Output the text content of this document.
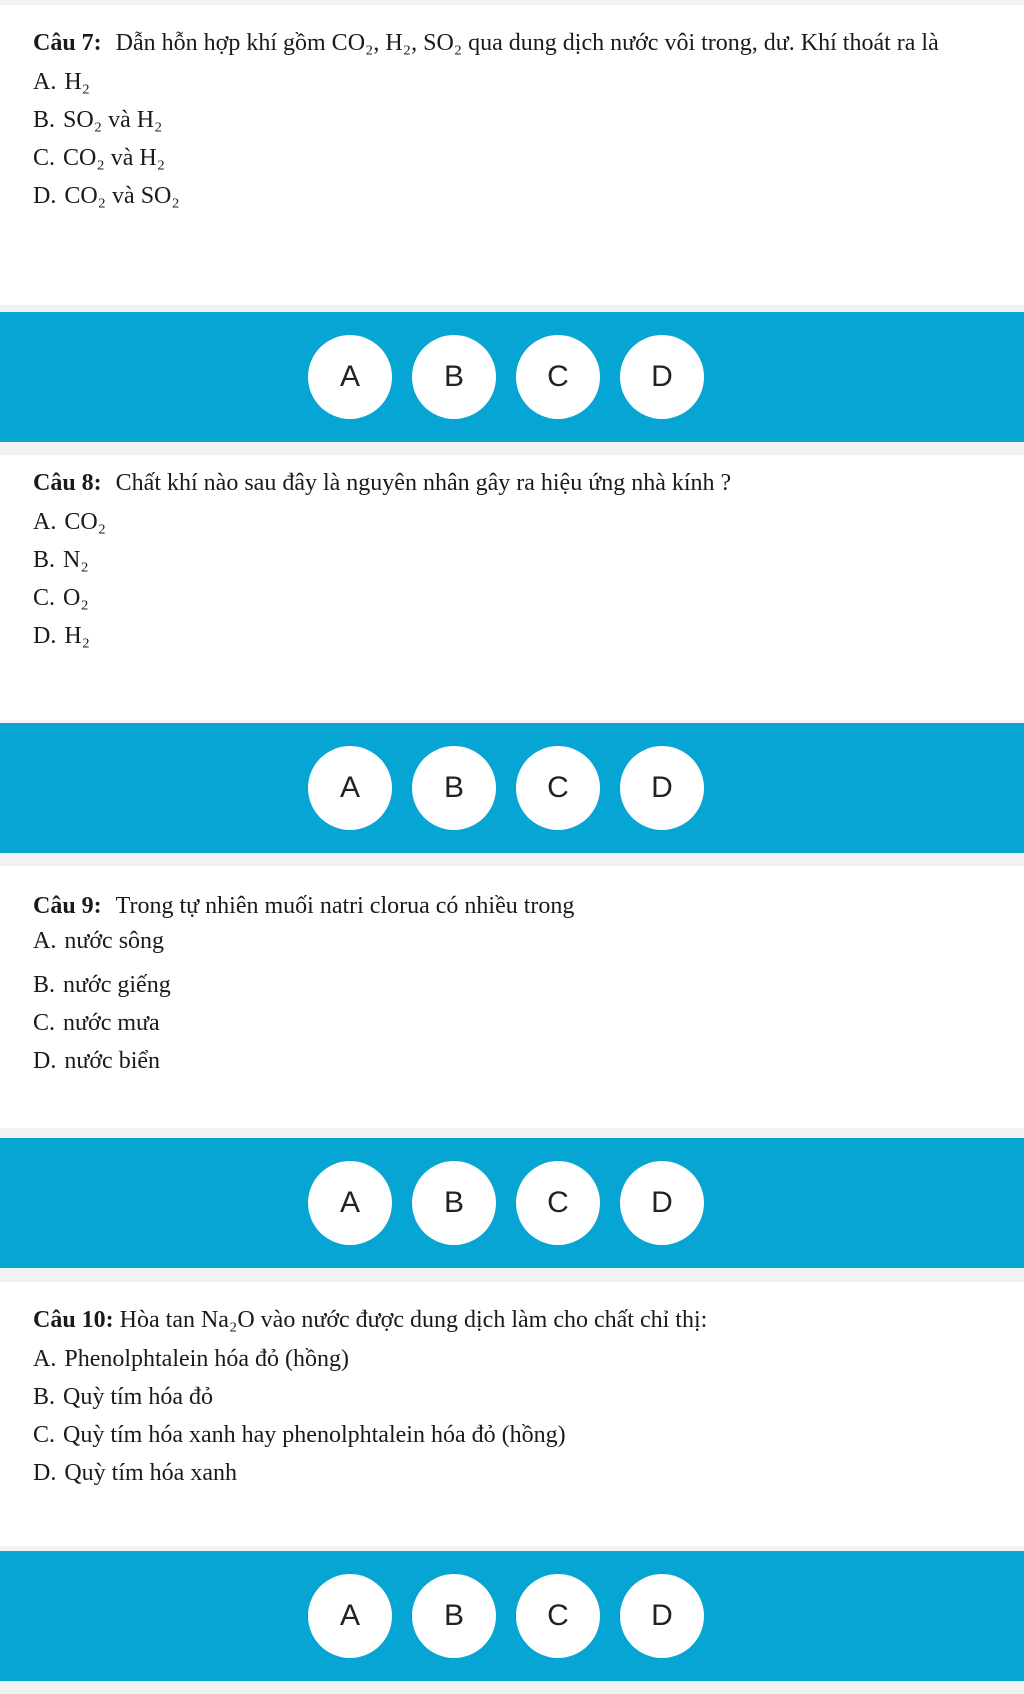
Câu 7: Dẫn hỗn hợp khí gồm CO₂, H₂, SO₂ qua dung dịch nước vôi trong, dư. Khí thoát ra là

A. H₂
B. SO₂ và H₂
C. CO₂ và H₂
D. CO₂ và SO₂
A	B	C	D

Câu 8: Chất khí nào sau đây là nguyên nhân gây ra hiệu ứng nhà kính ?

A. CO₂
B. N₂
C. O₂
D. H₂
A	B	C	D

Câu 9: Trong tự nhiên muối natri clorua có nhiều trong

A. nước sông
B. nước giếng
C. nước mưa
D. nước biển
A	B	C	D

Câu 10: Hòa tan Na₂O vào nước được dung dịch làm cho chất chỉ thị:

A. Phenolphtalein hóa đỏ (hồng)
B. Quỳ tím hóa đỏ
C. Quỳ tím hóa xanh hay phenolphtalein hóa đỏ (hồng)
D. Quỳ tím hóa xanh
A	B	C	D
